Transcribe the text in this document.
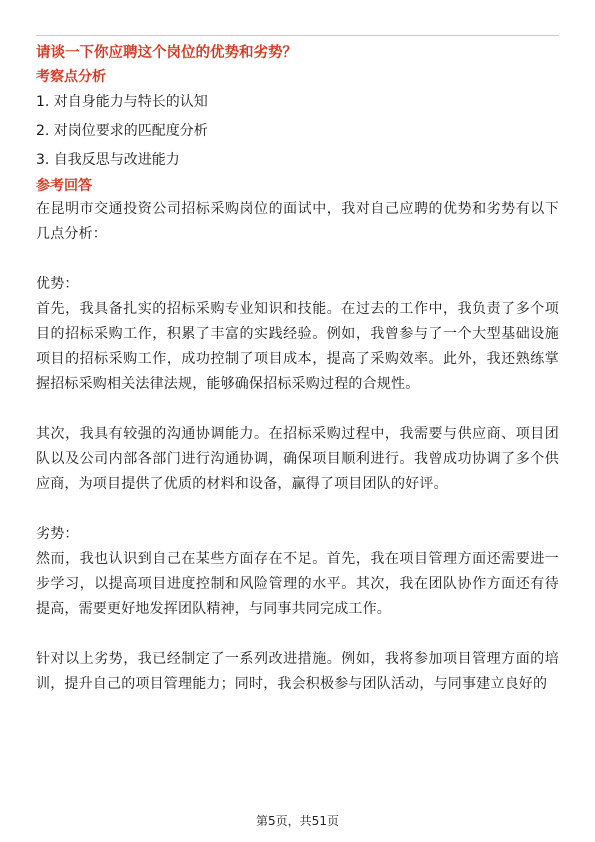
请谈一下你应聘这个岗位的优势和劣势？

考察点分析

1. 对自身能力与特长的认知

2. 对岗位要求的匹配度分析

3. 自我反思与改进能力

参考回答

在昆明市交通投资公司招标采购岗位的面试中，我对自己应聘的优势和劣势有以下几点分析：

优势：

首先，我具备扎实的招标采购专业知识和技能。在过去的工作中，我负责了多个项目的招标采购工作，积累了丰富的实践经验。例如，我曾参与了一个大型基础设施项目的招标采购工作，成功控制了项目成本，提高了采购效率。此外，我还熟练掌握招标采购相关法律法规，能够确保招标采购过程的合规性。

其次，我具有较强的沟通协调能力。在招标采购过程中，我需要与供应商、项目团队以及公司内部各部门进行沟通协调，确保项目顺利进行。我曾成功协调了多个供应商，为项目提供了优质的材料和设备，赢得了项目团队的好评。

劣势：

然而，我也认识到自己在某些方面存在不足。首先，我在项目管理方面还需要进一步学习，以提高项目进度控制和风险管理的水平。其次，我在团队协作方面还有待提高，需要更好地发挥团队精神，与同事共同完成工作。

针对以上劣势，我已经制定了一系列改进措施。例如，我将参加项目管理方面的培训，提升自己的项目管理能力；同时，我会积极参与团队活动，与同事建立良好的

第5页，共51页
